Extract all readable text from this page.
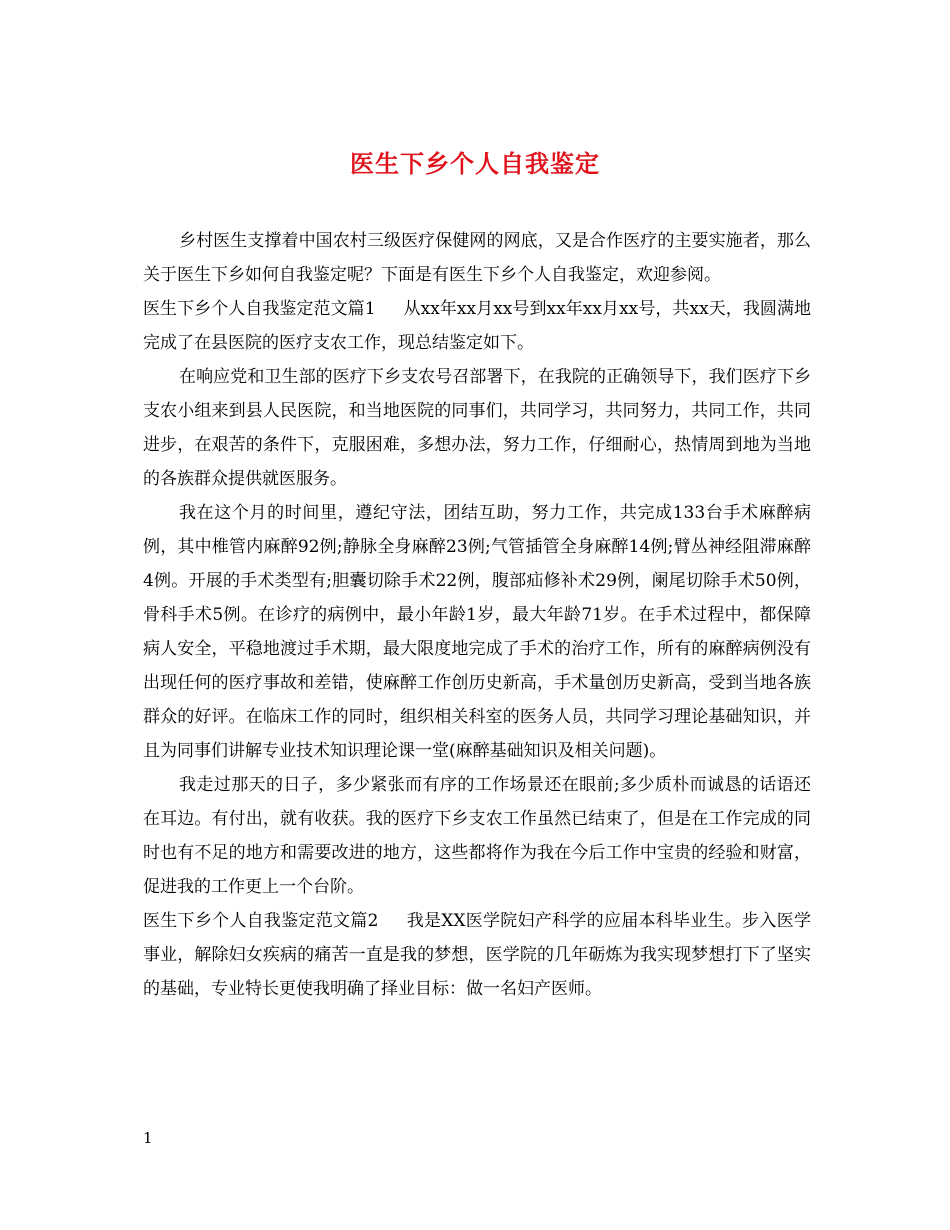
医生下乡个人自我鉴定

乡村医生支撑着中国农村三级医疗保健网的网底，又是合作医疗的主要实施者，那么关于医生下乡如何自我鉴定呢？下面是有医生下乡个人自我鉴定，欢迎参阅。

医生下乡个人自我鉴定范文篇1 从xx年xx月xx号到xx年xx月xx号，共xx天，我圆满地完成了在县医院的医疗支农工作，现总结鉴定如下。

在响应党和卫生部的医疗下乡支农号召部署下，在我院的正确领导下，我们医疗下乡支农小组来到县人民医院，和当地医院的同事们，共同学习，共同努力，共同工作，共同进步，在艰苦的条件下，克服困难，多想办法，努力工作，仔细耐心，热情周到地为当地的各族群众提供就医服务。

我在这个月的时间里，遵纪守法，团结互助，努力工作，共完成133台手术麻醉病例，其中椎管内麻醉92例;静脉全身麻醉23例;气管插管全身麻醉14例;臂丛神经阻滞麻醉4例。开展的手术类型有;胆囊切除手术22例，腹部疝修补术29例，阑尾切除手术50例，骨科手术5例。在诊疗的病例中，最小年龄1岁，最大年龄71岁。在手术过程中，都保障病人安全，平稳地渡过手术期，最大限度地完成了手术的治疗工作，所有的麻醉病例没有出现任何的医疗事故和差错，使麻醉工作创历史新高，手术量创历史新高，受到当地各族群众的好评。在临床工作的同时，组织相关科室的医务人员，共同学习理论基础知识，并且为同事们讲解专业技术知识理论课一堂(麻醉基础知识及相关问题)。

我走过那天的日子，多少紧张而有序的工作场景还在眼前;多少质朴而诚恳的话语还在耳边。有付出，就有收获。我的医疗下乡支农工作虽然已结束了，但是在工作完成的同时也有不足的地方和需要改进的地方，这些都将作为我在今后工作中宝贵的经验和财富，促进我的工作更上一个台阶。

医生下乡个人自我鉴定范文篇2 我是XX医学院妇产科学的应届本科毕业生。步入医学事业，解除妇女疾病的痛苦一直是我的梦想，医学院的几年砺炼为我实现梦想打下了坚实的基础，专业特长更使我明确了择业目标：做一名妇产医师。

1
